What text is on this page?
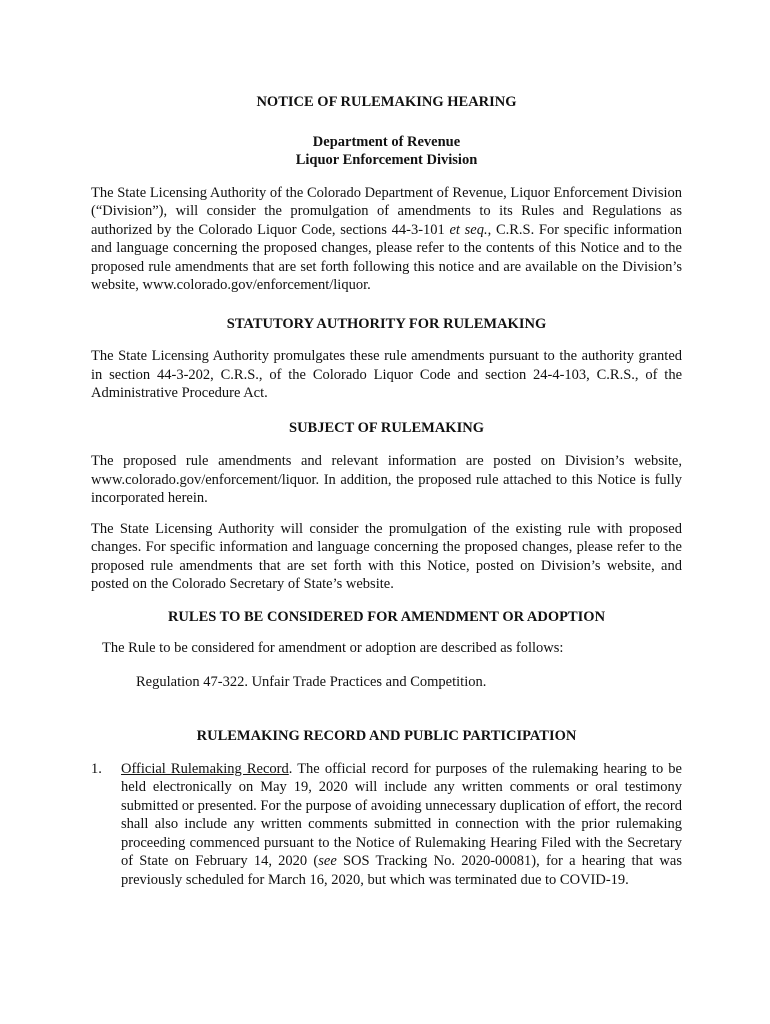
NOTICE OF RULEMAKING HEARING
Department of Revenue
Liquor Enforcement Division

The State Licensing Authority of the Colorado Department of Revenue, Liquor Enforcement Division (“Division”), will consider the promulgation of amendments to its Rules and Regulations as authorized by the Colorado Liquor Code, sections 44-3-101 et seq., C.R.S. For specific information and language concerning the proposed changes, please refer to the contents of this Notice and to the proposed rule amendments that are set forth following this notice and are available on the Division’s website, www.colorado.gov/enforcement/liquor.

STATUTORY AUTHORITY FOR RULEMAKING

The State Licensing Authority promulgates these rule amendments pursuant to the authority granted in section 44-3-202, C.R.S., of the Colorado Liquor Code and section 24-4-103, C.R.S., of the Administrative Procedure Act.

SUBJECT OF RULEMAKING

The proposed rule amendments and relevant information are posted on Division’s website, www.colorado.gov/enforcement/liquor. In addition, the proposed rule attached to this Notice is fully incorporated herein.

The State Licensing Authority will consider the promulgation of the existing rule with proposed changes. For specific information and language concerning the proposed changes, please refer to the proposed rule amendments that are set forth with this Notice, posted on Division’s website, and posted on the Colorado Secretary of State’s website.

RULES TO BE CONSIDERED FOR AMENDMENT OR ADOPTION

The Rule to be considered for amendment or adoption are described as follows:

Regulation 47-322. Unfair Trade Practices and Competition.

RULEMAKING RECORD AND PUBLIC PARTICIPATION

1.	Official Rulemaking Record. The official record for purposes of the rulemaking hearing to be held electronically on May 19, 2020 will include any written comments or oral testimony submitted or presented. For the purpose of avoiding unnecessary duplication of effort, the record shall also include any written comments submitted in connection with the prior rulemaking proceeding commenced pursuant to the Notice of Rulemaking Hearing Filed with the Secretary of State on February 14, 2020 (see SOS Tracking No. 2020-00081), for a hearing that was previously scheduled for March 16, 2020, but which was terminated due to COVID-19.
